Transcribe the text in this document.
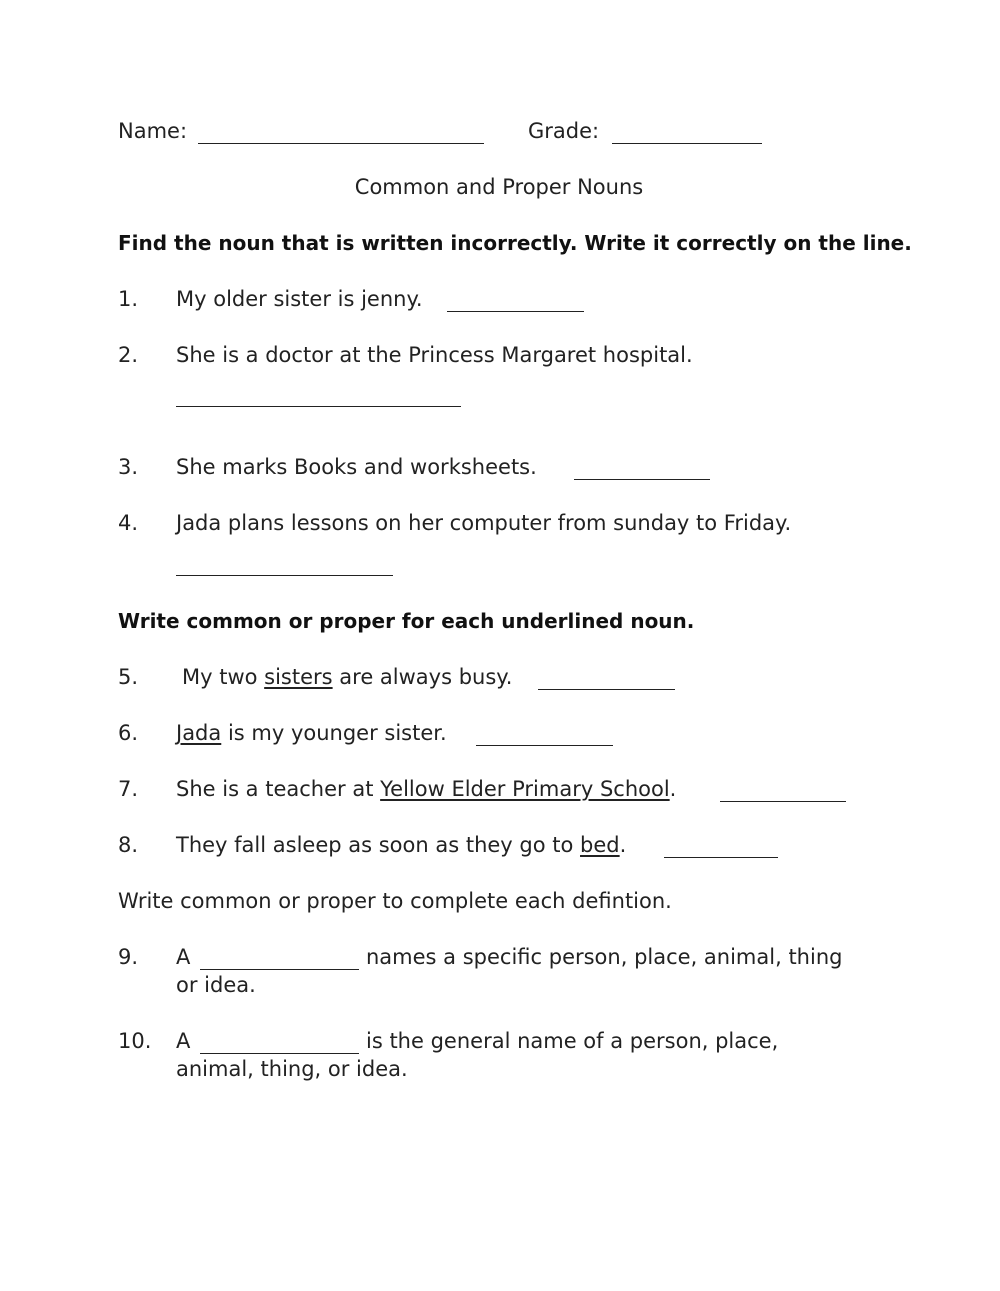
Name:	Grade:
Common and Proper Nouns
Find the noun that is written incorrectly. Write it correctly on the line.
1. My older sister is jenny.
2. She is a doctor at the Princess Margaret hospital.
3. She marks Books and worksheets.
4. Jada plans lessons on her computer from sunday to Friday.
Write common or proper for each underlined noun.
5. My two sisters are always busy.
6. Jada is my younger sister.
7. She is a teacher at Yellow Elder Primary School.
8. They fall asleep as soon as they go to bed.
Write common or proper to complete each defintion.
9. A	names a specific person, place, animal, thing
or idea.
10. A	is the general name of a person, place,
animal, thing, or idea.
